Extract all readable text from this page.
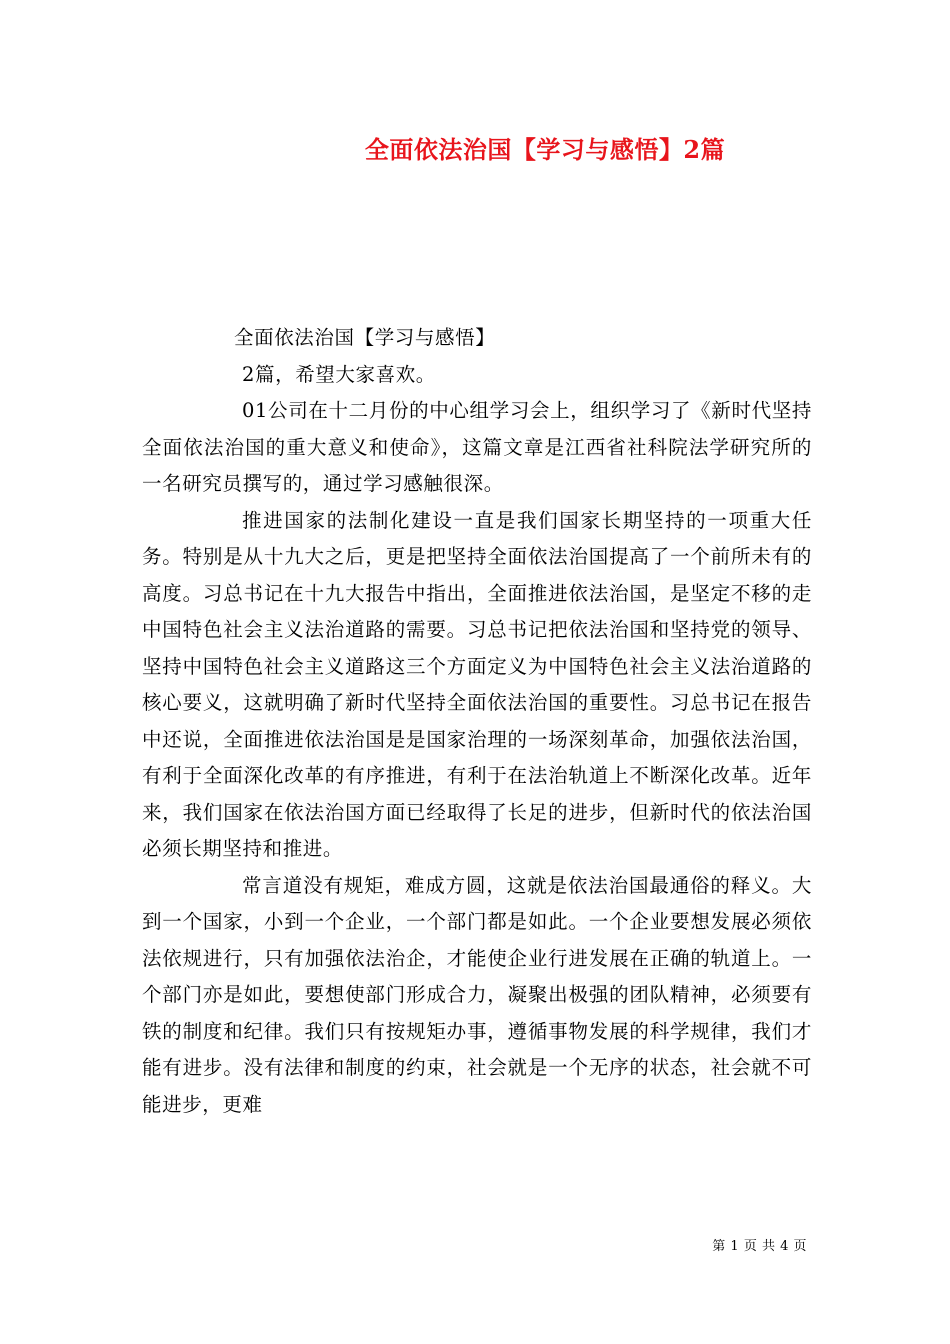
全面依法治国【学习与感悟】2篇

全面依法治国【学习与感悟】

2篇，希望大家喜欢。

01公司在十二月份的中心组学习会上，组织学习了《新时代坚持全面依法治国的重大意义和使命》，这篇文章是江西省社科院法学研究所的一名研究员撰写的，通过学习感触很深。

推进国家的法制化建设一直是我们国家长期坚持的一项重大任务。特别是从十九大之后，更是把坚持全面依法治国提高了一个前所未有的高度。习总书记在十九大报告中指出，全面推进依法治国，是坚定不移的走中国特色社会主义法治道路的需要。习总书记把依法治国和坚持党的领导、坚持中国特色社会主义道路这三个方面定义为中国特色社会主义法治道路的核心要义，这就明确了新时代坚持全面依法治国的重要性。习总书记在报告中还说，全面推进依法治国是是国家治理的一场深刻革命，加强依法治国，有利于全面深化改革的有序推进，有利于在法治轨道上不断深化改革。近年来，我们国家在依法治国方面已经取得了长足的进步，但新时代的依法治国必须长期坚持和推进。

常言道没有规矩，难成方圆，这就是依法治国最通俗的释义。大到一个国家，小到一个企业，一个部门都是如此。一个企业要想发展必须依法依规进行，只有加强依法治企，才能使企业行进发展在正确的轨道上。一个部门亦是如此，要想使部门形成合力，凝聚出极强的团队精神，必须要有铁的制度和纪律。我们只有按规矩办事，遵循事物发展的科学规律，我们才能有进步。没有法律和制度的约束，社会就是一个无序的状态，社会就不可能进步，更难

第 1 页 共 4 页
